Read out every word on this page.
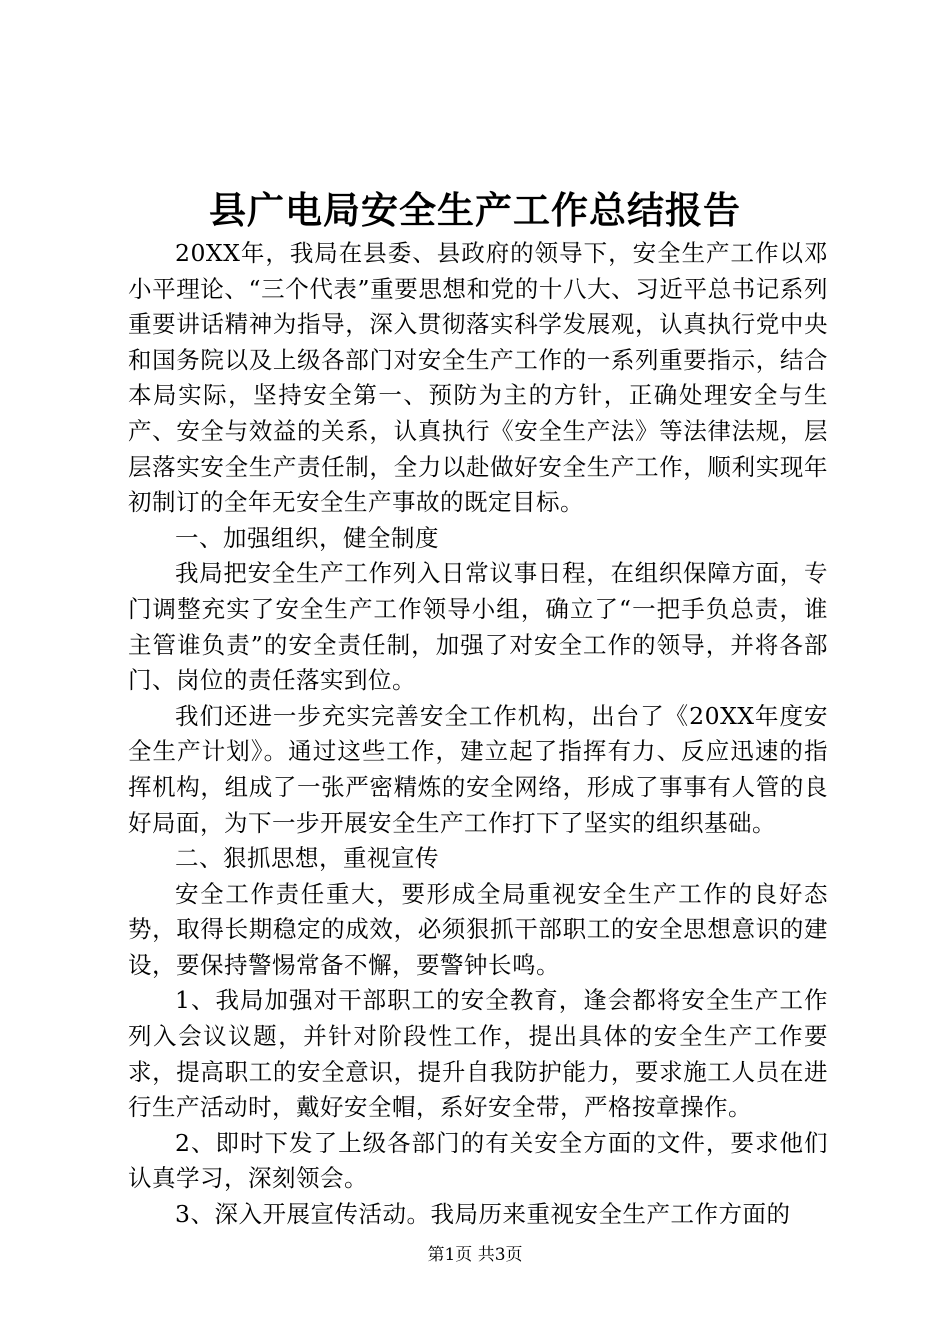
县广电局安全生产工作总结报告

20XX年，我局在县委、县政府的领导下，安全生产工作以邓小平理论、“三个代表”重要思想和党的十八大、习近平总书记系列重要讲话精神为指导，深入贯彻落实科学发展观，认真执行党中央和国务院以及上级各部门对安全生产工作的一系列重要指示，结合本局实际，坚持安全第一、预防为主的方针，正确处理安全与生产、安全与效益的关系，认真执行《安全生产法》等法律法规，层层落实安全生产责任制，全力以赴做好安全生产工作，顺利实现年初制订的全年无安全生产事故的既定目标。

一、加强组织，健全制度

我局把安全生产工作列入日常议事日程，在组织保障方面，专门调整充实了安全生产工作领导小组，确立了“一把手负总责，谁主管谁负责”的安全责任制，加强了对安全工作的领导，并将各部门、岗位的责任落实到位。

我们还进一步充实完善安全工作机构，出台了《20XX年度安全生产计划》。通过这些工作，建立起了指挥有力、反应迅速的指挥机构，组成了一张严密精炼的安全网络，形成了事事有人管的良好局面，为下一步开展安全生产工作打下了坚实的组织基础。

二、狠抓思想，重视宣传

安全工作责任重大，要形成全局重视安全生产工作的良好态势，取得长期稳定的成效，必须狠抓干部职工的安全思想意识的建设，要保持警惕常备不懈，要警钟长鸣。

1、我局加强对干部职工的安全教育，逢会都将安全生产工作列入会议议题，并针对阶段性工作，提出具体的安全生产工作要求，提高职工的安全意识，提升自我防护能力，要求施工人员在进行生产活动时，戴好安全帽，系好安全带，严格按章操作。

2、即时下发了上级各部门的有关安全方面的文件，要求他们认真学习，深刻领会。

3、深入开展宣传活动。我局历来重视安全生产工作方面的

第1页 共3页
